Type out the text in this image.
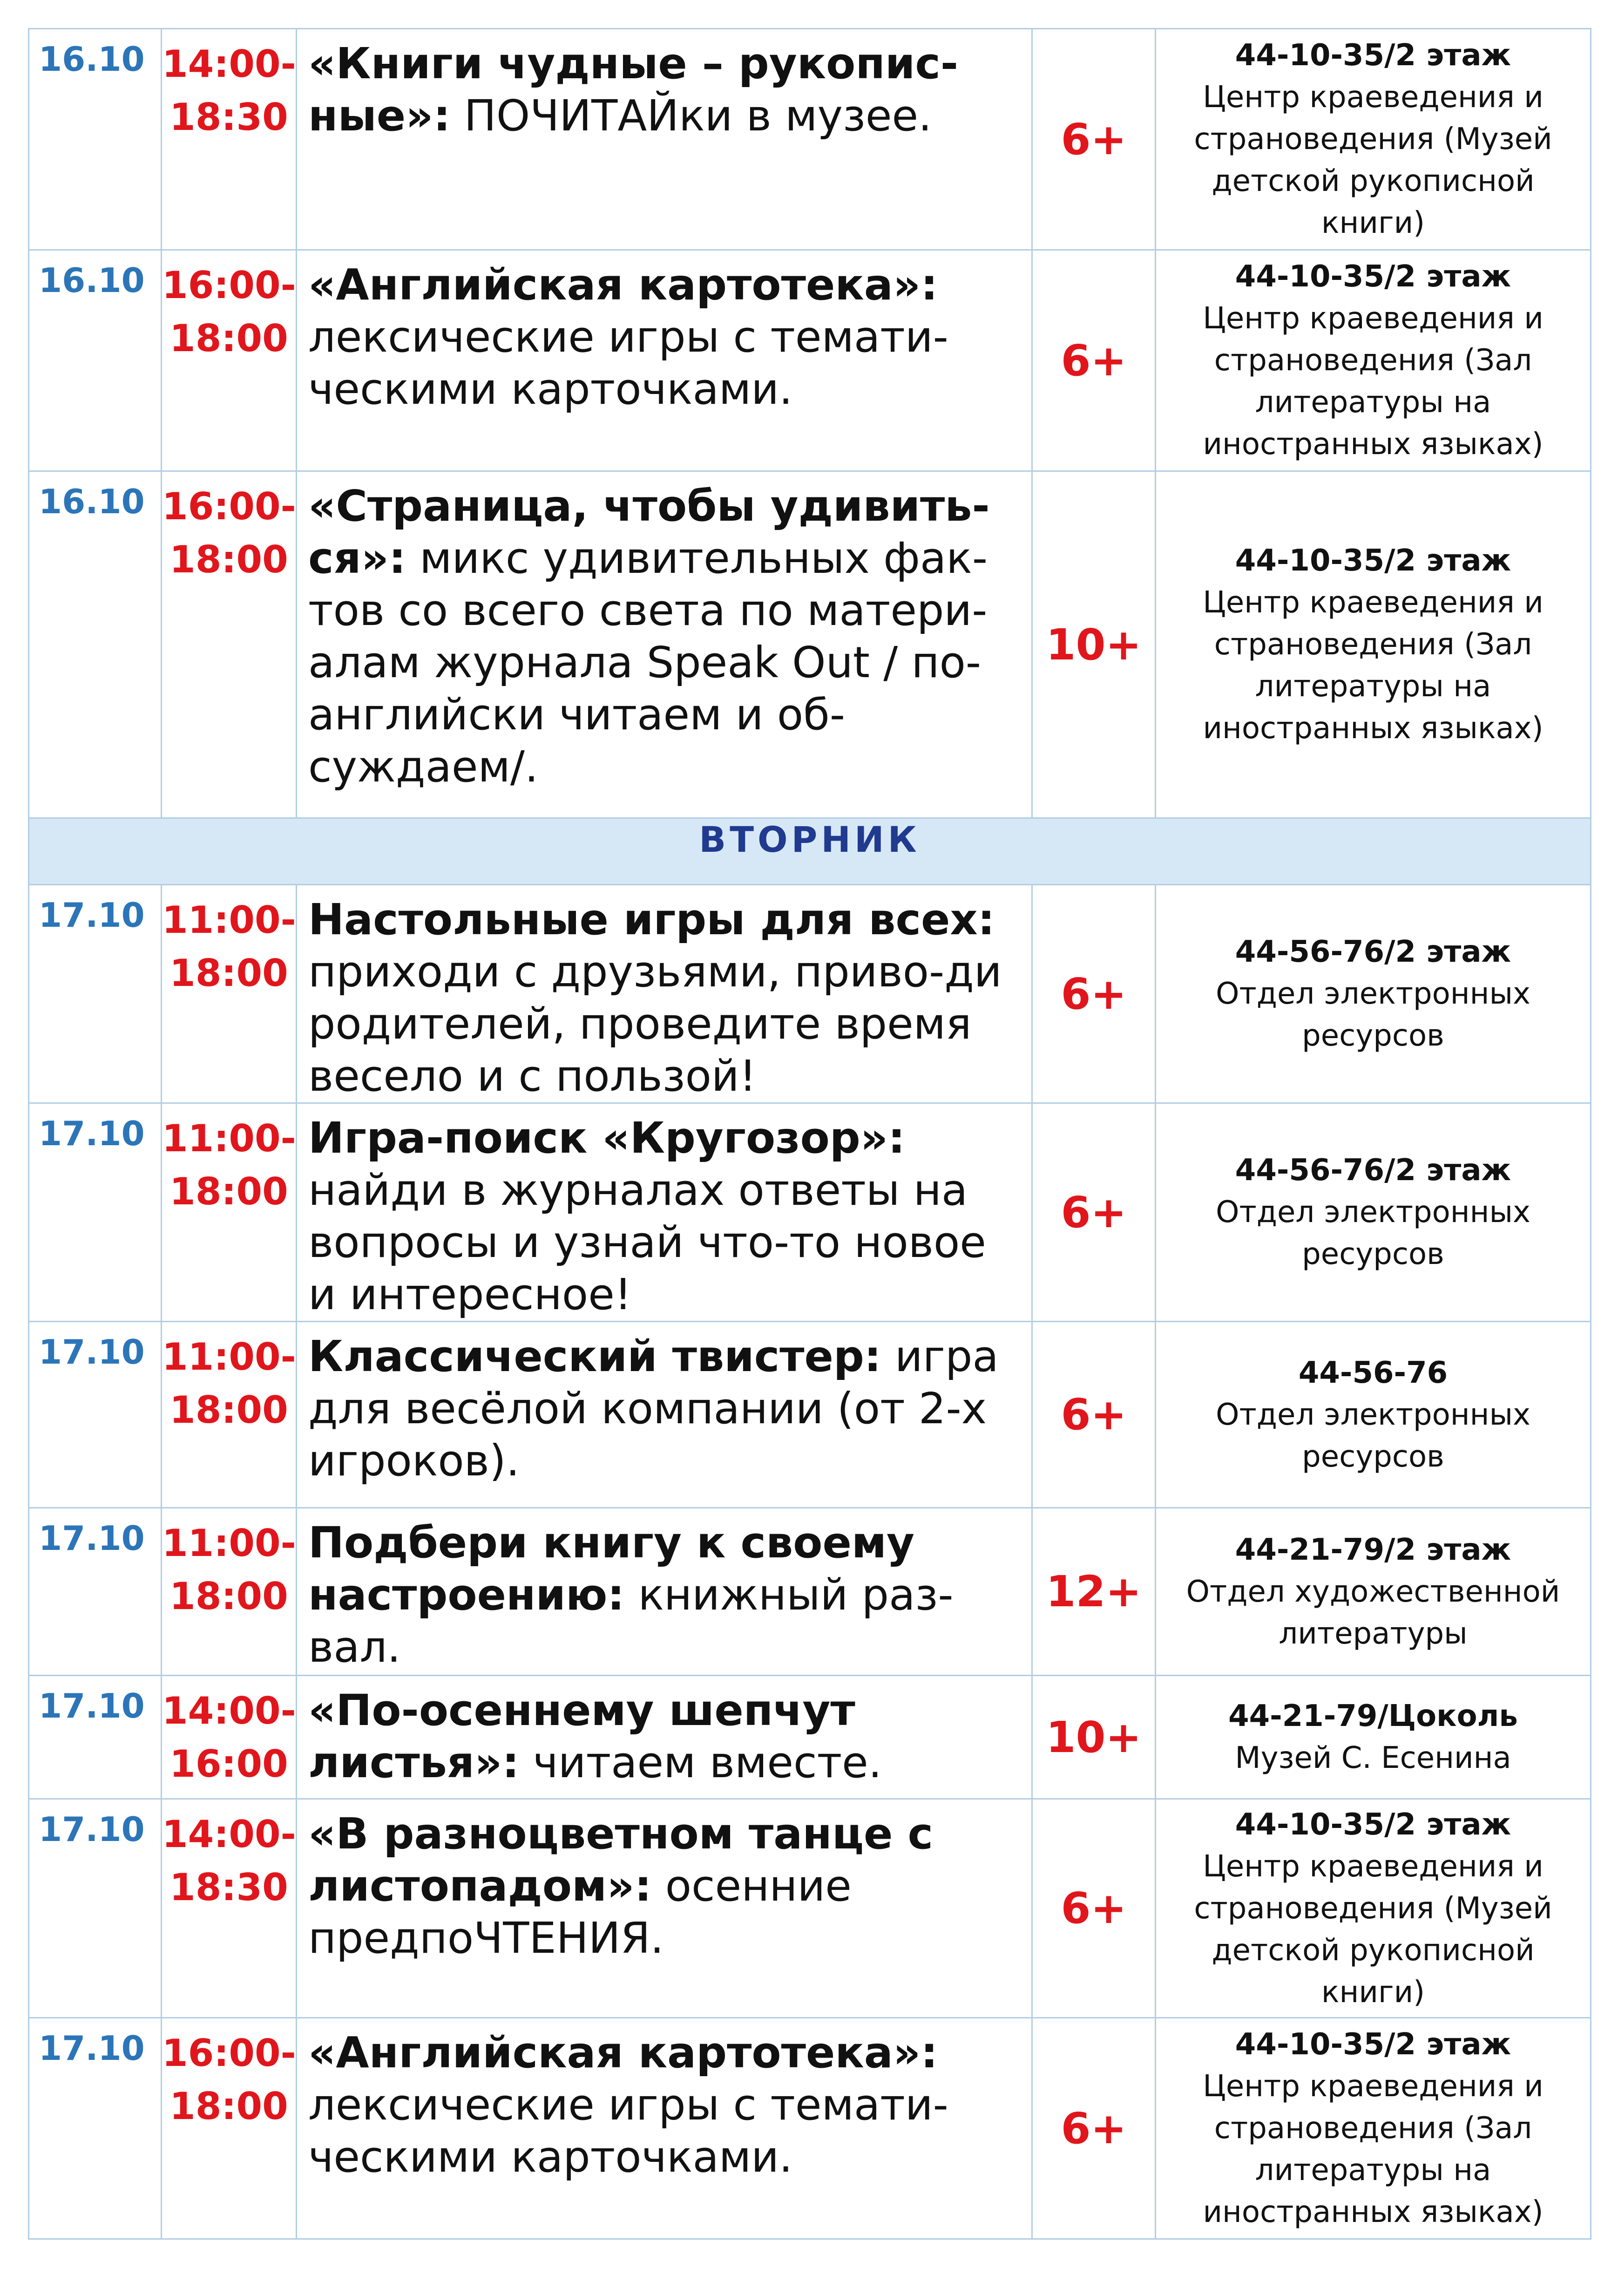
16.10	14:00-
18:30	«Книги чудные – рукопис-ные»: ПОЧИТАЙки в музее.	6+	44-10-35/2 этаж
Центр краеведения и страноведения (Музей детской рукописной книги)

16.10	16:00-
18:00	«Английская картотека»: лексические игры с темати-ческими карточками.	6+	44-10-35/2 этаж
Центр краеведения и страноведения (Зал литературы на иностранных языках)

16.10	16:00-
18:00	«Страница, чтобы удивить-ся»: микс удивительных фак-тов со всего света по матери-алам журнала Speak Out / по-английски читаем и об-суждаем/.	10+	44-10-35/2 этаж
Центр краеведения и страноведения (Зал литературы на иностранных языках)

ВТОРНИК				
17.10	11:00-
18:00	Настольные игры для всех: приходи с друзьями, приво-ди родителей, проведите время весело и с пользой!	6+	44-56-76/2 этаж
Отдел электронных ресурсов

17.10	11:00-
18:00	Игра-поиск «Кругозор»: найди в журналах ответы на вопросы и узнай что-то новое и интересное!	6+	44-56-76/2 этаж
Отдел электронных ресурсов

17.10	11:00-
18:00	Классический твистер: игра для весёлой компании (от 2-х игроков).	6+	44-56-76
Отдел электронных ресурсов

17.10	11:00-
18:00	Подбери книгу к своему настроению: книжный раз-вал.	12+	44-21-79/2 этаж
Отдел художественной литературы

17.10	14:00-
16:00	«По-осеннему шепчут листья»: читаем вместе.	10+	44-21-79/Цоколь
Музей С. Есенина

17.10	14:00-
18:30	«В разноцветном танце с листопадом»: осенние предпоЧТЕНИЯ.	6+	44-10-35/2 этаж
Центр краеведения и страноведения (Музей детской рукописной книги)

17.10	16:00-
18:00	«Английская картотека»: лексические игры с темати-ческими карточками.	6+	44-10-35/2 этаж
Центр краеведения и страноведения (Зал литературы на иностранных языках)
